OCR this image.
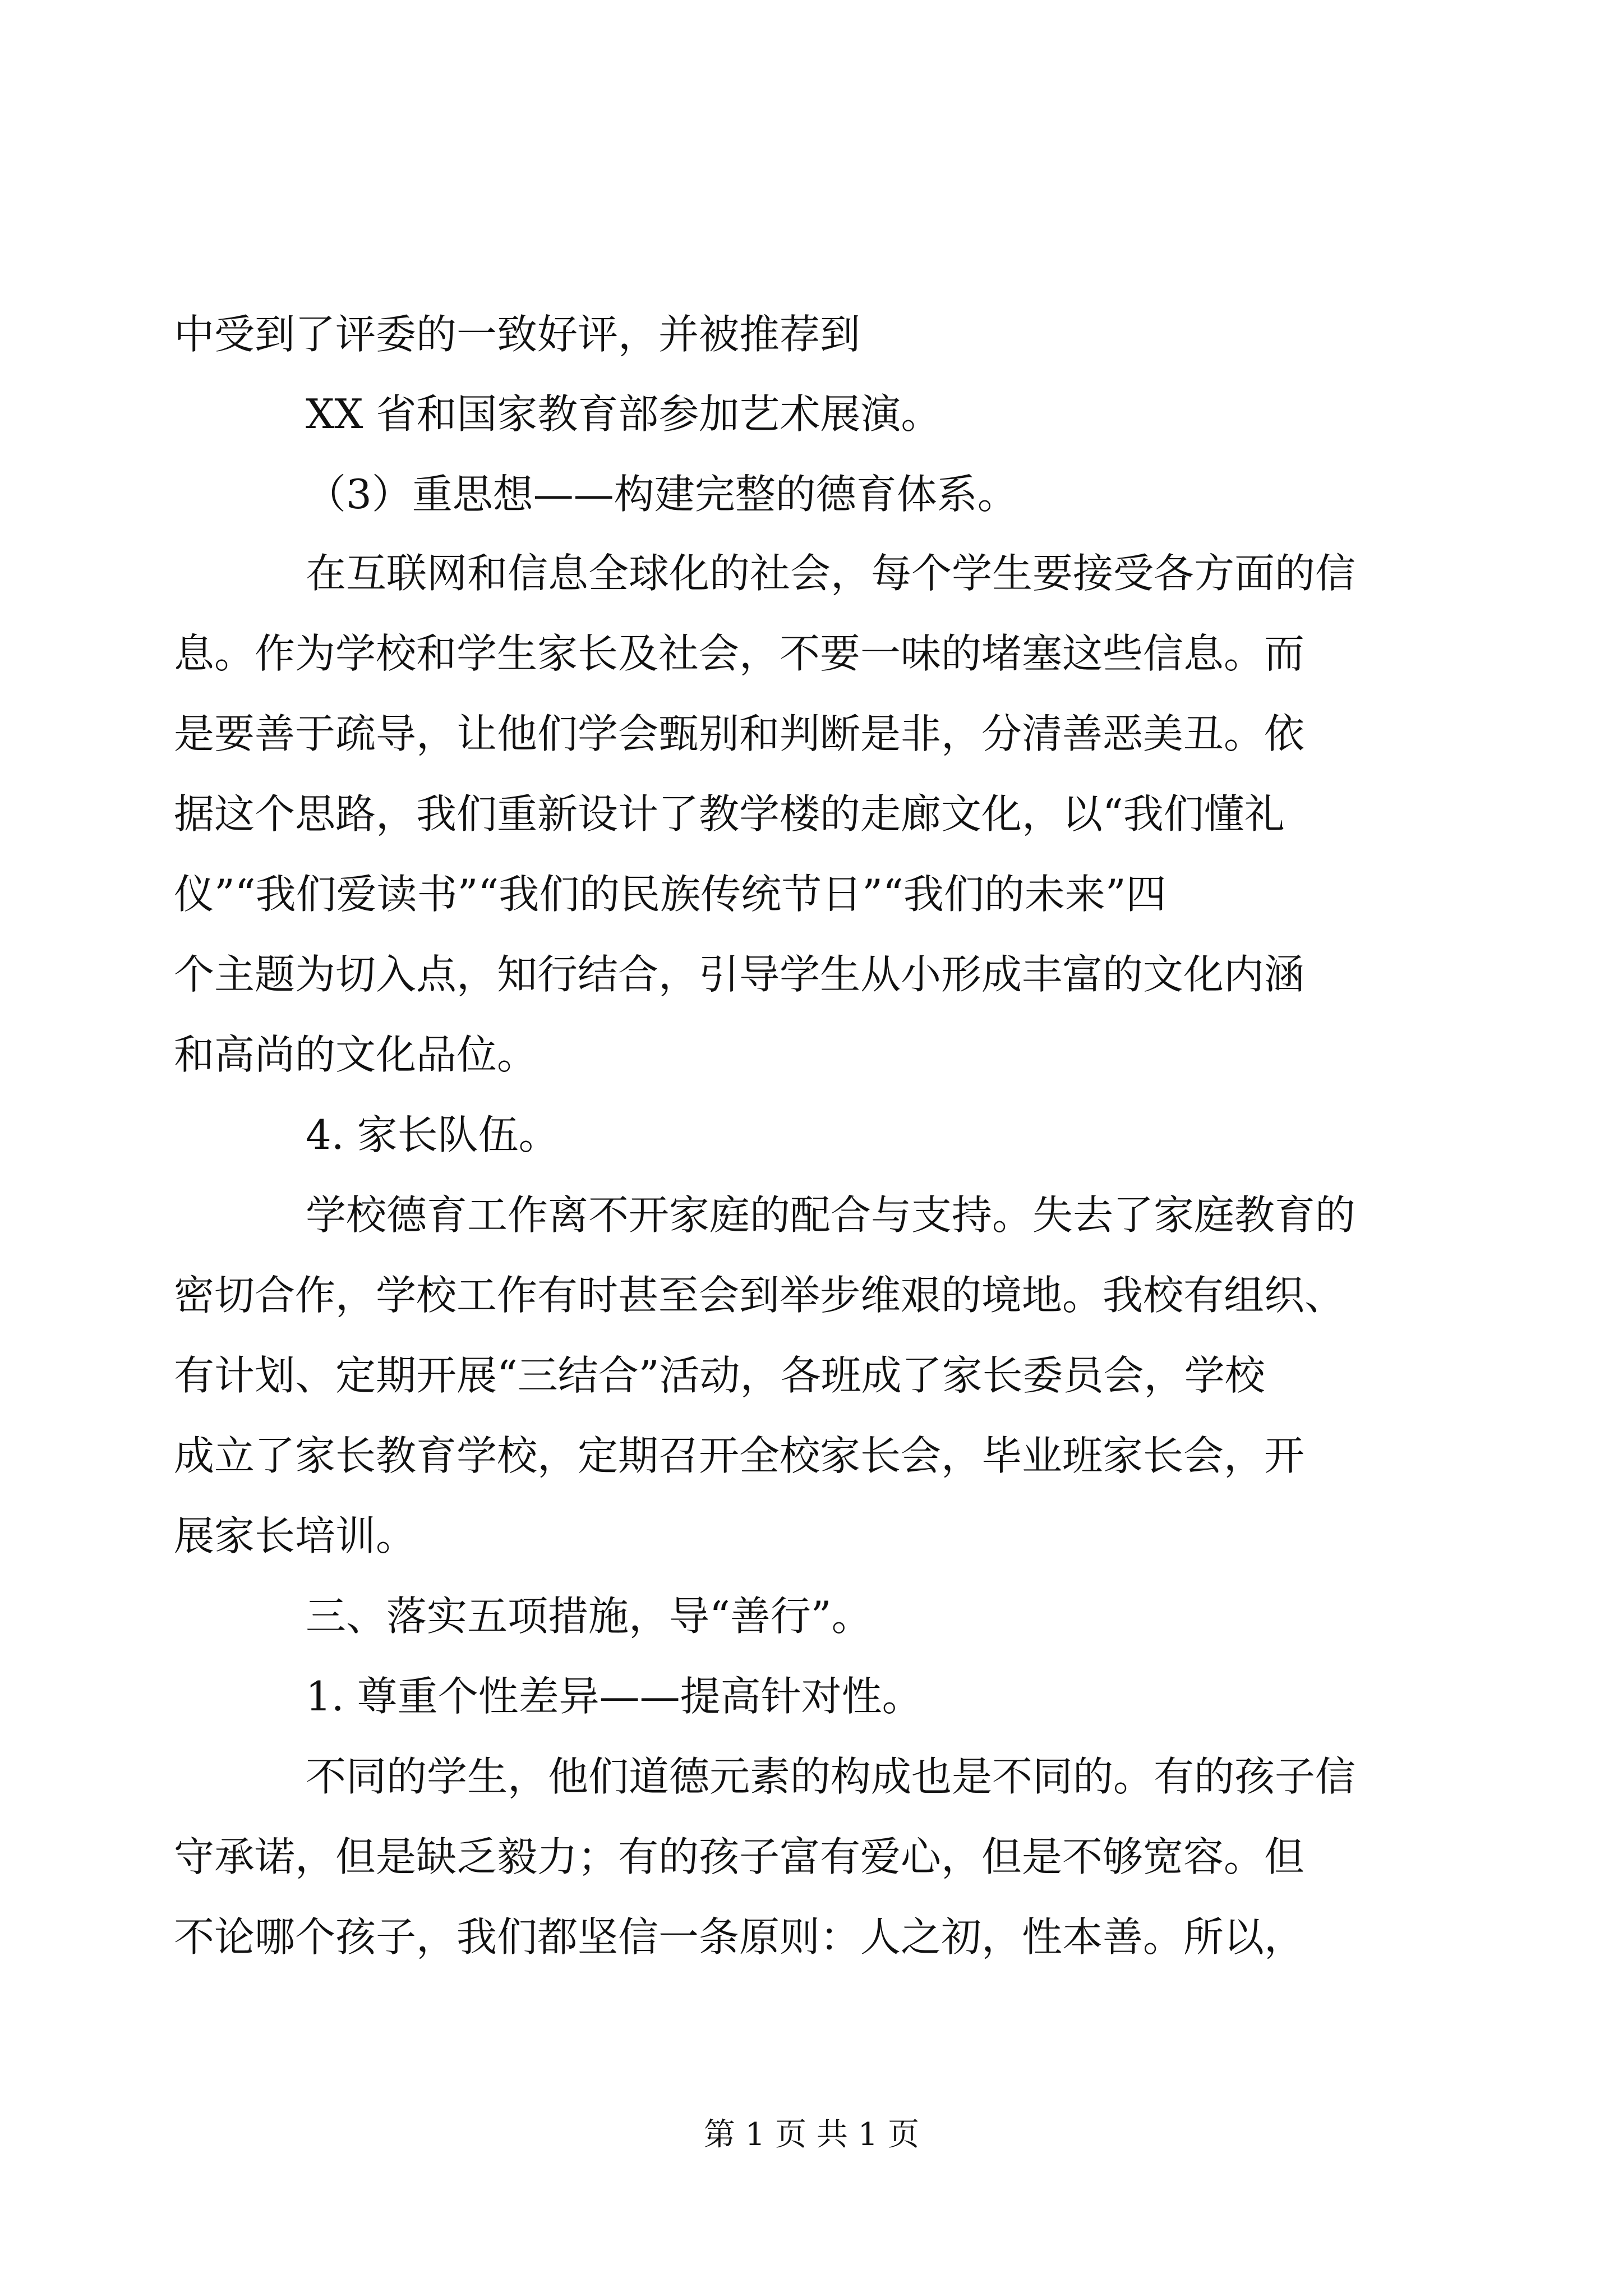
中受到了评委的一致好评，并被推荐到

XX 省和国家教育部参加艺术展演。

（3）重思想——构建完整的德育体系。

在互联网和信息全球化的社会，每个学生要接受各方面的信

息。作为学校和学生家长及社会，不要一味的堵塞这些信息。而

是要善于疏导，让他们学会甄别和判断是非，分清善恶美丑。依

据这个思路，我们重新设计了教学楼的走廊文化，以“我们懂礼

仪”“我们爱读书”“我们的民族传统节日”“我们的未来”四

个主题为切入点，知行结合，引导学生从小形成丰富的文化内涵

和高尚的文化品位。

4. 家长队伍。

学校德育工作离不开家庭的配合与支持。失去了家庭教育的

密切合作，学校工作有时甚至会到举步维艰的境地。我校有组织、

有计划、定期开展“三结合”活动，各班成了家长委员会，学校

成立了家长教育学校，定期召开全校家长会，毕业班家长会，开

展家长培训。

三、落实五项措施，导“善行”。

1. 尊重个性差异——提高针对性。

不同的学生，他们道德元素的构成也是不同的。有的孩子信

守承诺，但是缺乏毅力；有的孩子富有爱心，但是不够宽容。但

不论哪个孩子，我们都坚信一条原则：人之初，性本善。所以，

第 1 页 共 1 页
